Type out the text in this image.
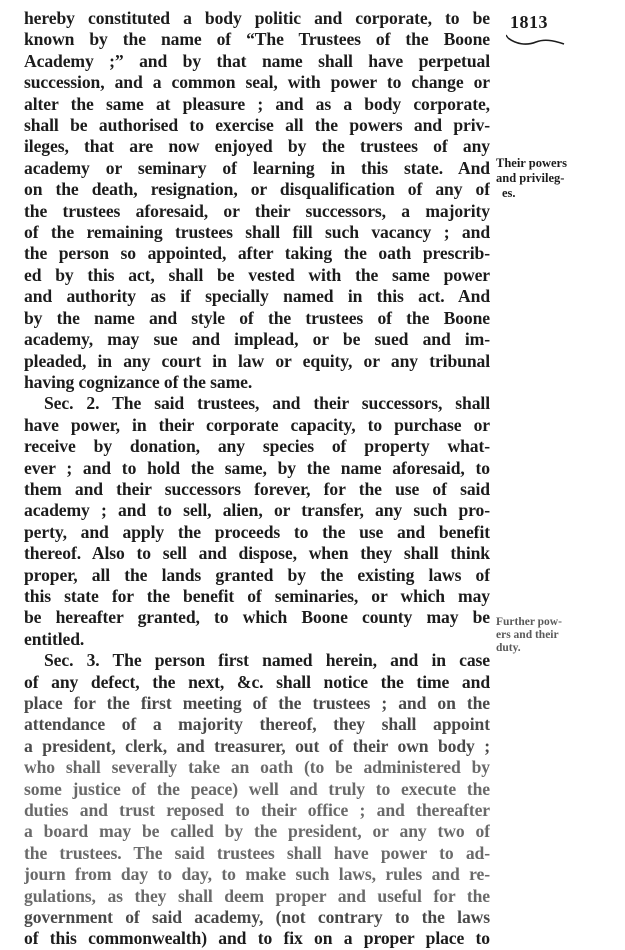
1813
hereby constituted a body politic and corporate, to be
known by the name of “The Trustees of the Boone
Academy ;” and by that name shall have perpetual
succession, and a common seal, with power to change or
alter the same at pleasure ; and as a body corporate,
shall be authorised to exercise all the powers and priv-
ileges, that are now enjoyed by the trustees of any
academy or seminary of learning in this state. And
on the death, resignation, or disqualification of any of
the trustees aforesaid, or their successors, a majority
of the remaining trustees shall fill such vacancy ; and
the person so appointed, after taking the oath prescrib-
ed by this act, shall be vested with the same power
and authority as if specially named in this act. And
by the name and style of the trustees of the Boone
academy, may sue and implead, or be sued and im-
pleaded, in any court in law or equity, or any tribunal
having cognizance of the same.
Sec. 2. The said trustees, and their successors, shall
have power, in their corporate capacity, to purchase or
receive by donation, any species of property what-
ever ; and to hold the same, by the name aforesaid, to
them and their successors forever, for the use of said
academy ; and to sell, alien, or transfer, any such pro-
perty, and apply the proceeds to the use and benefit
thereof. Also to sell and dispose, when they shall think
proper, all the lands granted by the existing laws of
this state for the benefit of seminaries, or which may
be hereafter granted, to which Boone county may be
entitled.
Sec. 3. The person first named herein, and in case
of any defect, the next, &c. shall notice the time and
place for the first meeting of the trustees ; and on the
attendance of a majority thereof, they shall appoint
a president, clerk, and treasurer, out of their own body ;
who shall severally take an oath (to be administered by
some justice of the peace) well and truly to execute the
duties and trust reposed to their office ; and thereafter
a board may be called by the president, or any two of
the trustees. The said trustees shall have power to ad-
journ from day to day, to make such laws, rules and re-
gulations, as they shall deem proper and useful for the
government of said academy, (not contrary to the laws
of this commonwealth) and to fix on a proper place to
Their powers
and privileg-
es.
Further pow-
ers and their
duty.
